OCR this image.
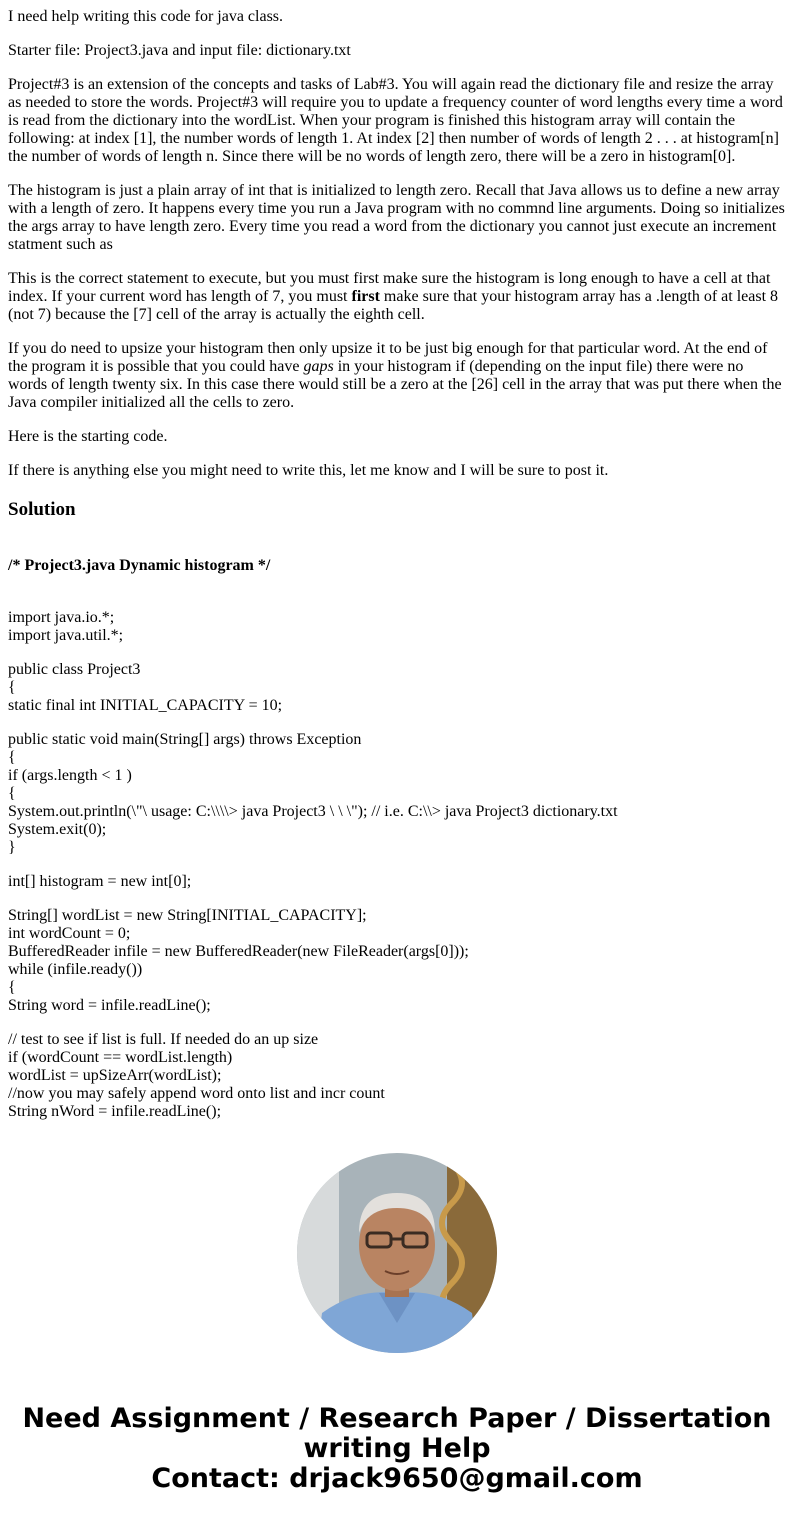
I need help writing this code for java class.

Starter file: Project3.java and input file: dictionary.txt

Project#3 is an extension of the concepts and tasks of Lab#3. You will again read the dictionary file and resize the array as needed to store the words. Project#3 will require you to update a frequency counter of word lengths every time a word is read from the dictionary into the wordList. When your program is finished this histogram array will contain the following: at index [1], the number words of length 1. At index [2] then number of words of length 2 . . . at histogram[n] the number of words of length n. Since there will be no words of length zero, there will be a zero in histogram[0].

The histogram is just a plain array of int that is initialized to length zero. Recall that Java allows us to define a new array with a length of zero. It happens every time you run a Java program with no commnd line arguments. Doing so initializes the args array to have length zero. Every time you read a word from the dictionary you cannot just execute an increment statment such as

This is the correct statement to execute, but you must first make sure the histogram is long enough to have a cell at that index. If your current word has length of 7, you must first make sure that your histogram array has a .length of at least 8 (not 7) because the [7] cell of the array is actually the eighth cell.

If you do need to upsize your histogram then only upsize it to be just big enough for that particular word. At the end of the program it is possible that you could have gaps in your histogram if (depending on the input file) there were no words of length twenty six. In this case there would still be a zero at the [26] cell in the array that was put there when the Java compiler initialized all the cells to zero.

Here is the starting code.

If there is anything else you might need to write this, let me know and I will be sure to post it.

Solution
/* Project3.java Dynamic histogram */
import java.io.*;
import java.util.*;
public class Project3
{
static final int INITIAL_CAPACITY = 10;
public static void main(String[] args) throws Exception
{
if (args.length < 1 )
{
System.out.println(\"\ usage: C:\\\\> java Project3 \ \ \"); // i.e. C:\\> java Project3 dictionary.txt
System.exit(0);
}
int[] histogram = new int[0];
String[] wordList = new String[INITIAL_CAPACITY];
int wordCount = 0;
BufferedReader infile = new BufferedReader(new FileReader(args[0]));
while (infile.ready())
{
String word = infile.readLine();
// test to see if list is full. If needed do an up size
if (wordCount == wordList.length)
wordList = upSizeArr(wordList);
//now you may safely append word onto list and incr count
String nWord = infile.readLine();
Need Assignment / Research Paper / Dissertation
writing Help
Contact: drjack9650@gmail.com
